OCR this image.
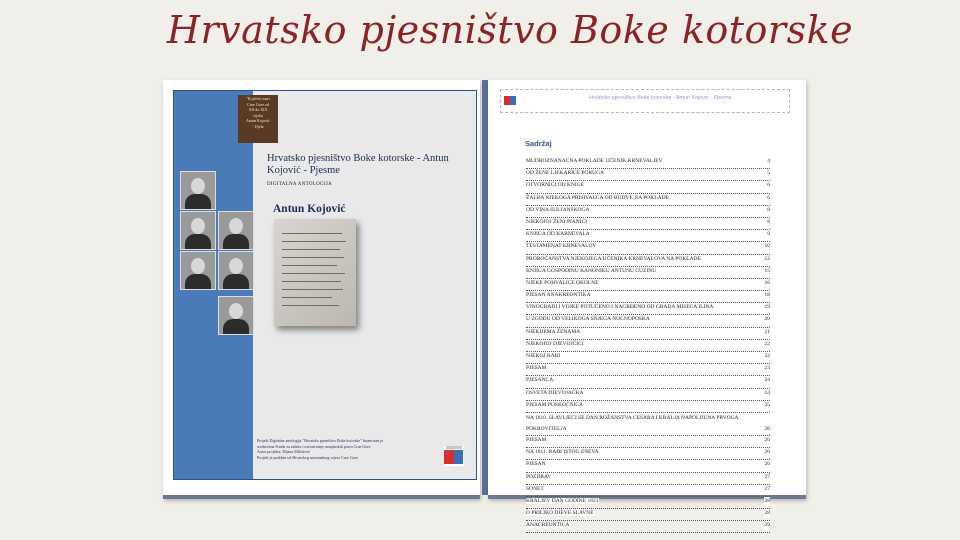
Hrvatsko pjesništvo Boke kotorske
"Kojićevi mari
Crne Gore od
XII do XIX
vijeka
Antun Kojović
- Djela
Hrvatsko pjesništvo Boke kotorske - Antun Kojović - Pjesme
DIGITALNA ANTOLOGIJA
Antun Kojović
Projekt Digitalna antologija "Hrvatsko pjesništvo Boke kotorske" financiran je
sredstvima Fonda za zaštitu i ostvarivanje manjinskih prava Crne Gore
Autor projekta: Dijana Milošević
Projekt je podržan od Hrvatskog nacionalnog vijeća Crne Gore
Hrvatsko pjesništvo Boke kotorske - Antun Kojović - Pjesme
Sadržaj
MUDROZNANACNA POKLADE UČENIK KRNEVALJEV	4
OD ŽENE LJEKARICE PORUGA	5
OTVORNICI OD KNIGE	6
ŽALBA NJEKOGA PRISIVALCA OD BUDVE NA POKLADE	6
OD VINA SULJANSKOGA	8
NJEKOJOJ ŽENI PIANICI	8
KNJIGA OD KARNEVALA	9
TESTAMENAT KRNEVALOV	10
PROROČANSTVA NJEKOJEGA UČENIKA KRNEVALOVA NA POKLADE	12
KNJIGA GOSPODINU KANONIKU ANTUNU CUZINU	15
NJEKE POHVALICE OKOLNE	16
PJESAN ANAKREONTIKA	18
VINOGRADI I VOJKE POTUČENO I NAGRĐENO OD GRADA MISECA ILINA	19
U ZGODU OD VELIKOGA SNJEGA NOCNOPOSKA	20
NJEKIJEMA ŽENAMA	21
NJEKOJOJ DJEVOJČICI	22
NJEKOJ BABI	22
PJESAM	23
PJESANCA	24
OSVETA DJEVOJAČKA	24
PJESAM POSKOČNICA	25
NA 1810. SLAVLJECI SE DAN ROŽANSTVA CESARA I KRALJA NAPOLIJUNA PRVOGA POKROVITELJA	26
PJESAM	26
NA 1811. RADI ISTOG ZNEVA	26
PJESAN	26
POZDRAV	27
SONET	27
KRALJEV DAN GODINE 1821	28
O PRILIKO DJEVE SLAVNE	28
ANACREONTICA	29
